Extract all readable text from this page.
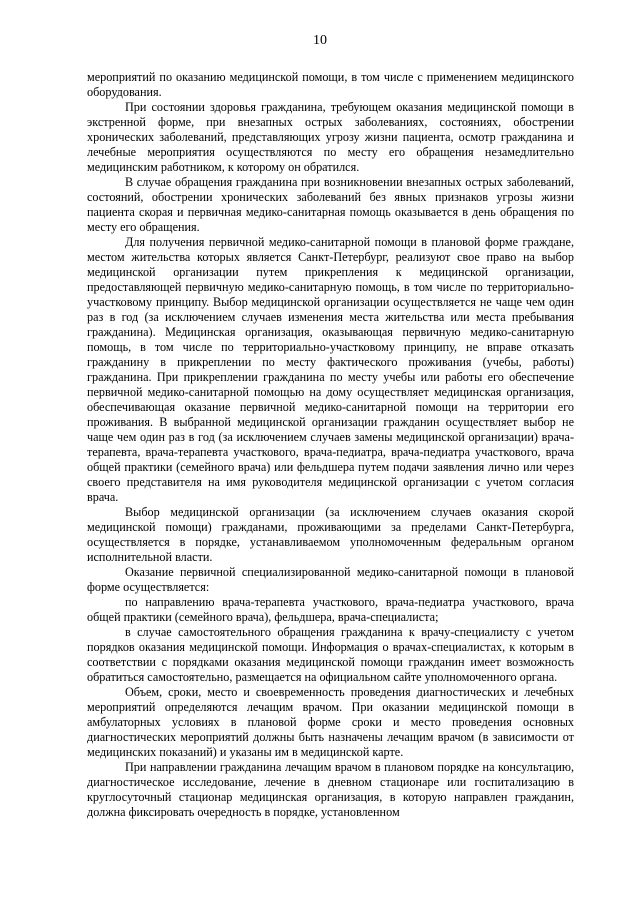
10

мероприятий по оказанию медицинской помощи, в том числе с применением медицинского оборудования.

При состоянии здоровья гражданина, требующем оказания медицинской помощи в экстренной форме, при внезапных острых заболеваниях, состояниях, обострении хронических заболеваний, представляющих угрозу жизни пациента, осмотр гражданина и лечебные мероприятия осуществляются по месту его обращения незамедлительно медицинским работником, к которому он обратился.

В случае обращения гражданина при возникновении внезапных острых заболеваний, состояний, обострении хронических заболеваний без явных признаков угрозы жизни пациента скорая и первичная медико-санитарная помощь оказывается в день обращения по месту его обращения.

Для получения первичной медико-санитарной помощи в плановой форме граждане, местом жительства которых является Санкт-Петербург, реализуют свое право на выбор медицинской организации путем прикрепления к медицинской организации, предоставляющей первичную медико-санитарную помощь, в том числе по территориально-участковому принципу. Выбор медицинской организации осуществляется не чаще чем один раз в год (за исключением случаев изменения места жительства или места пребывания гражданина). Медицинская организация, оказывающая первичную медико-санитарную помощь, в том числе по территориально-участковому принципу, не вправе отказать гражданину в прикреплении по месту фактического проживания (учебы, работы) гражданина. При прикреплении гражданина по месту учебы или работы его обеспечение первичной медико-санитарной помощью на дому осуществляет медицинская организация, обеспечивающая оказание первичной медико-санитарной помощи на территории его проживания. В выбранной медицинской организации гражданин осуществляет выбор не чаще чем один раз в год (за исключением случаев замены медицинской организации) врача-терапевта, врача-терапевта участкового, врача-педиатра, врача-педиатра участкового, врача общей практики (семейного врача) или фельдшера путем подачи заявления лично или через своего представителя на имя руководителя медицинской организации с учетом согласия врача.

Выбор медицинской организации (за исключением случаев оказания скорой медицинской помощи) гражданами, проживающими за пределами Санкт-Петербурга, осуществляется в порядке, устанавливаемом уполномоченным федеральным органом исполнительной власти.

Оказание первичной специализированной медико-санитарной помощи в плановой форме осуществляется:

по направлению врача-терапевта участкового, врача-педиатра участкового, врача общей практики (семейного врача), фельдшера, врача-специалиста;

в случае самостоятельного обращения гражданина к врачу-специалисту с учетом порядков оказания медицинской помощи. Информация о врачах-специалистах, к которым в соответствии с порядками оказания медицинской помощи гражданин имеет возможность обратиться самостоятельно, размещается на официальном сайте уполномоченного органа.

Объем, сроки, место и своевременность проведения диагностических и лечебных мероприятий определяются лечащим врачом. При оказании медицинской помощи в амбулаторных условиях в плановой форме сроки и место проведения основных диагностических мероприятий должны быть назначены лечащим врачом (в зависимости от медицинских показаний) и указаны им в медицинской карте.

При направлении гражданина лечащим врачом в плановом порядке на консультацию, диагностическое исследование, лечение в дневном стационаре или госпитализацию в круглосуточный стационар медицинская организация, в которую направлен гражданин, должна фиксировать очередность в порядке, установленном
